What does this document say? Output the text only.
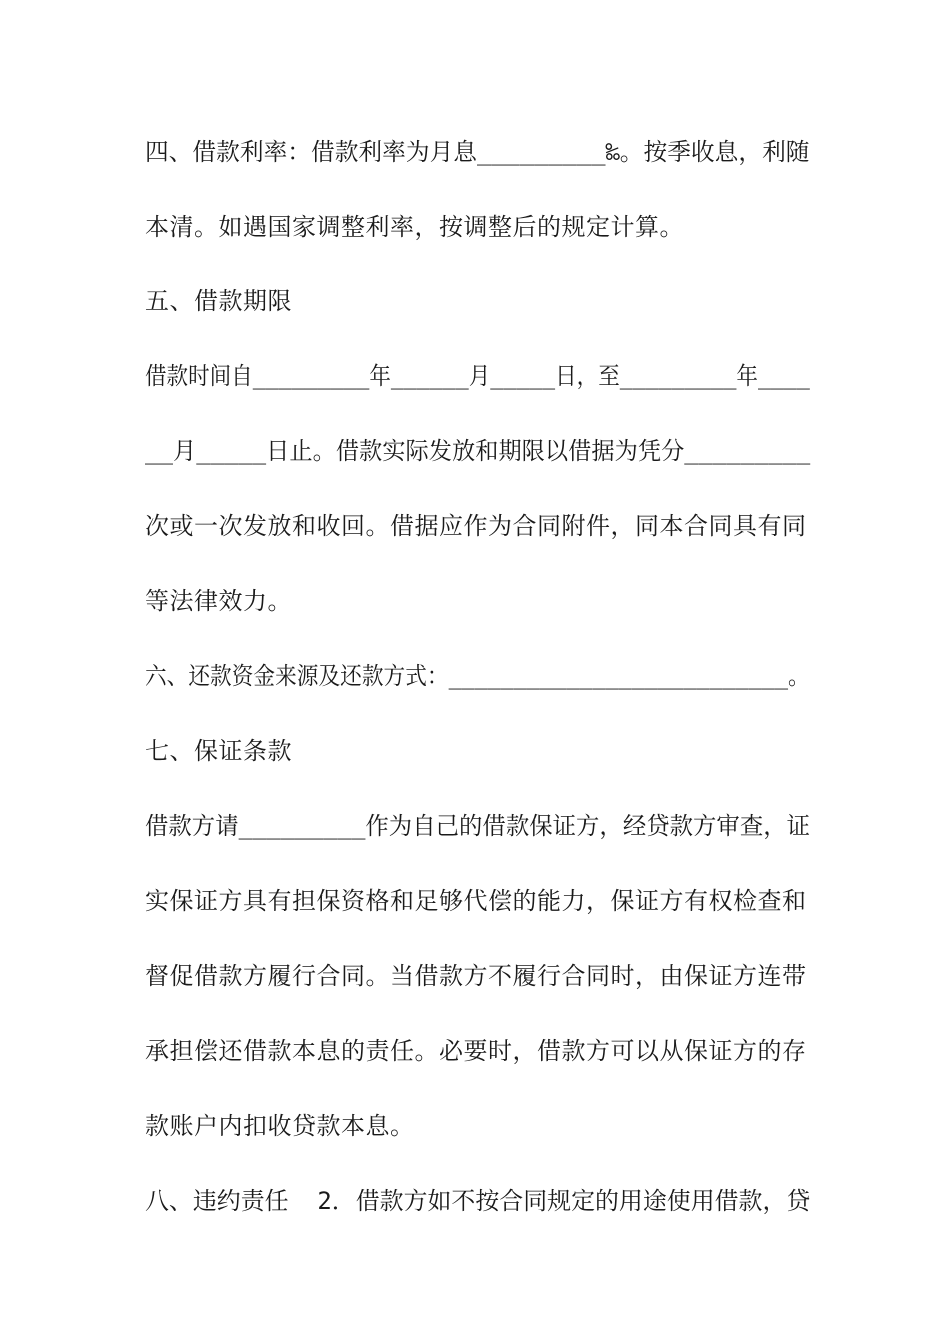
四、借款利率：借款利率为月息_________‰。按季收息，利随

本清。如遇国家调整利率，按调整后的规定计算。

五、借款期限

借款时间自_________年______月_____日，至_________年____

__月_____日止。借款实际发放和期限以借据为凭分_________

次或一次发放和收回。借据应作为合同附件，同本合同具有同

等法律效力。

六、还款资金来源及还款方式：__________________________。

七、保证条款

借款方请_________作为自己的借款保证方，经贷款方审查，证

实保证方具有担保资格和足够代偿的能力，保证方有权检查和

督促借款方履行合同。当借款方不履行合同时，由保证方连带

承担偿还借款本息的责任。必要时，借款方可以从保证方的存

款账户内扣收贷款本息。

八、违约责任  2．借款方如不按合同规定的用途使用借款，贷
